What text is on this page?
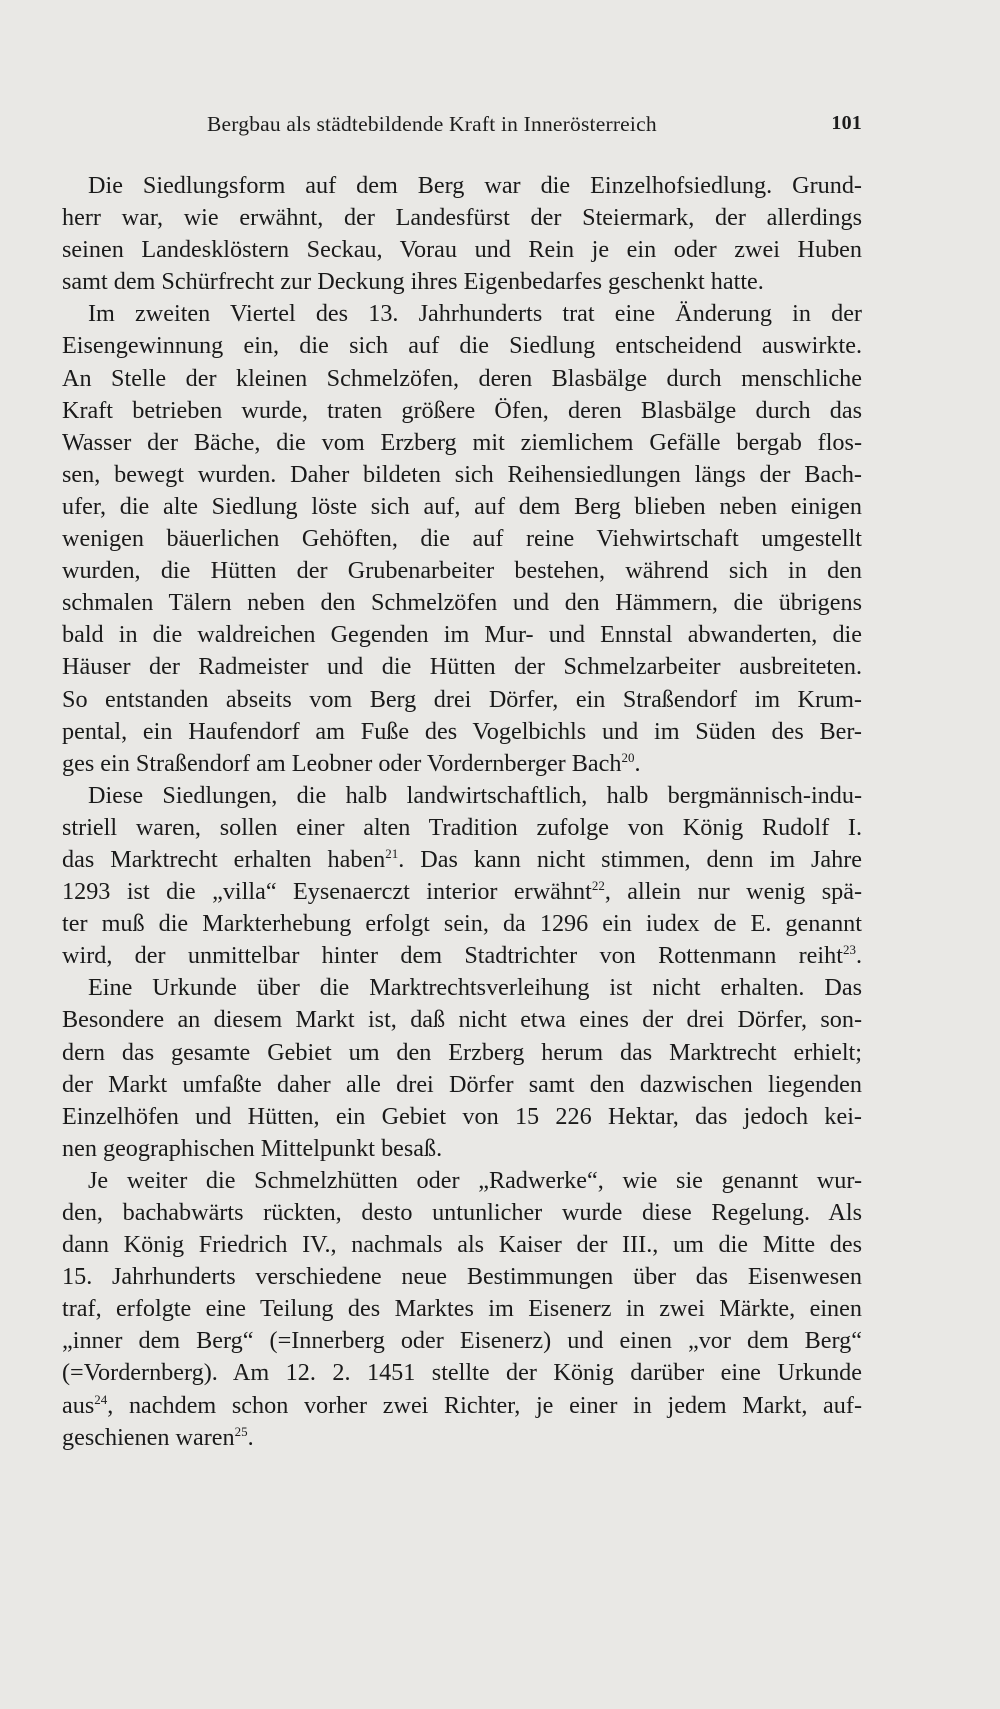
Bergbau als städtebildende Kraft in Innerösterreich	101
Die Siedlungsform auf dem Berg war die Einzelhofsiedlung. Grund-
herr war, wie erwähnt, der Landesfürst der Steiermark, der allerdings
seinen Landesklöstern Seckau, Vorau und Rein je ein oder zwei Huben
samt dem Schürfrecht zur Deckung ihres Eigenbedarfes geschenkt hatte.
Im zweiten Viertel des 13. Jahrhunderts trat eine Änderung in der
Eisengewinnung ein, die sich auf die Siedlung entscheidend auswirkte.
An Stelle der kleinen Schmelzöfen, deren Blasbälge durch menschliche
Kraft betrieben wurde, traten größere Öfen, deren Blasbälge durch das
Wasser der Bäche, die vom Erzberg mit ziemlichem Gefälle bergab flos-
sen, bewegt wurden. Daher bildeten sich Reihensiedlungen längs der Bach-
ufer, die alte Siedlung löste sich auf, auf dem Berg blieben neben einigen
wenigen bäuerlichen Gehöften, die auf reine Viehwirtschaft umgestellt
wurden, die Hütten der Grubenarbeiter bestehen, während sich in den
schmalen Tälern neben den Schmelzöfen und den Hämmern, die übrigens
bald in die waldreichen Gegenden im Mur- und Ennstal abwanderten, die
Häuser der Radmeister und die Hütten der Schmelzarbeiter ausbreiteten.
So entstanden abseits vom Berg drei Dörfer, ein Straßendorf im Krum-
pental, ein Haufendorf am Fuße des Vogelbichls und im Süden des Ber-
ges ein Straßendorf am Leobner oder Vordernberger Bach$^{20}$.
Diese Siedlungen, die halb landwirtschaftlich, halb bergmännisch-indu-
striell waren, sollen einer alten Tradition zufolge von König Rudolf I.
das Marktrecht erhalten haben$^{21}$. Das kann nicht stimmen, denn im Jahre
1293 ist die „villa“ Eysenaerczt interior erwähnt$^{22}$, allein nur wenig spä-
ter muß die Markterhebung erfolgt sein, da 1296 ein iudex de E. genannt
wird, der unmittelbar hinter dem Stadtrichter von Rottenmann reiht$^{23}$.
Eine Urkunde über die Marktrechtsverleihung ist nicht erhalten. Das
Besondere an diesem Markt ist, daß nicht etwa eines der drei Dörfer, son-
dern das gesamte Gebiet um den Erzberg herum das Marktrecht erhielt;
der Markt umfaßte daher alle drei Dörfer samt den dazwischen liegenden
Einzelhöfen und Hütten, ein Gebiet von 15 226 Hektar, das jedoch kei-
nen geographischen Mittelpunkt besaß.
Je weiter die Schmelzhütten oder „Radwerke“, wie sie genannt wur-
den, bachabwärts rückten, desto untunlicher wurde diese Regelung. Als
dann König Friedrich IV., nachmals als Kaiser der III., um die Mitte des
15. Jahrhunderts verschiedene neue Bestimmungen über das Eisenwesen
traf, erfolgte eine Teilung des Marktes im Eisenerz in zwei Märkte, einen
„inner dem Berg“ (=Innerberg oder Eisenerz) und einen „vor dem Berg“
(=Vordernberg). Am 12. 2. 1451 stellte der König darüber eine Urkunde
aus$^{24}$, nachdem schon vorher zwei Richter, je einer in jedem Markt, auf-
geschienen waren$^{25}$.
